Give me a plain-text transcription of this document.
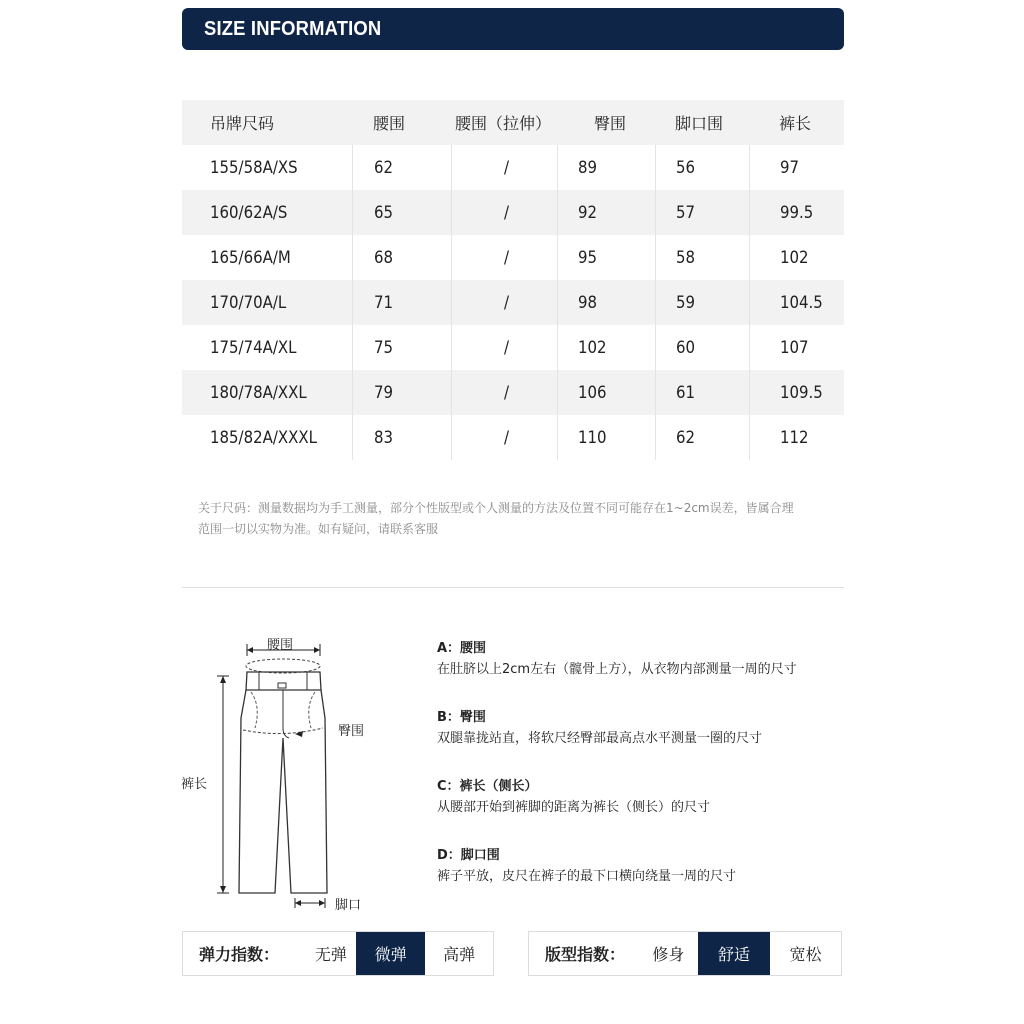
SIZE INFORMATION
吊牌尺码	腰围	腰围（拉伸）	臀围	脚口围	裤长
155/58A/XS	62	/	89	56	97
160/62A/S	65	/	92	57	99.5
165/66A/M	68	/	95	58	102
170/70A/L	71	/	98	59	104.5
175/74A/XL	75	/	102	60	107
180/78A/XXL	79	/	106	61	109.5
185/82A/XXXL	83	/	110	62	112
关于尺码：测量数据均为手工测量，部分个性版型或个人测量的方法及位置不同可能存在1~2cm误差，皆属合理
范围一切以实物为准。如有疑问，请联系客服
腰围
臀围
裤长
脚口
A：腰围
在肚脐以上2cm左右（髋骨上方），从衣物内部测量一周的尺寸
B：臀围
双腿靠拢站直，将软尺经臀部最高点水平测量一圈的尺寸
C：裤长（侧长）
从腰部开始到裤脚的距离为裤长（侧长）的尺寸
D：脚口围
裤子平放，皮尺在裤子的最下口横向绕量一周的尺寸
弹力指数：	无弹	微弹	高弹	版型指数：	修身	舒适	宽松
